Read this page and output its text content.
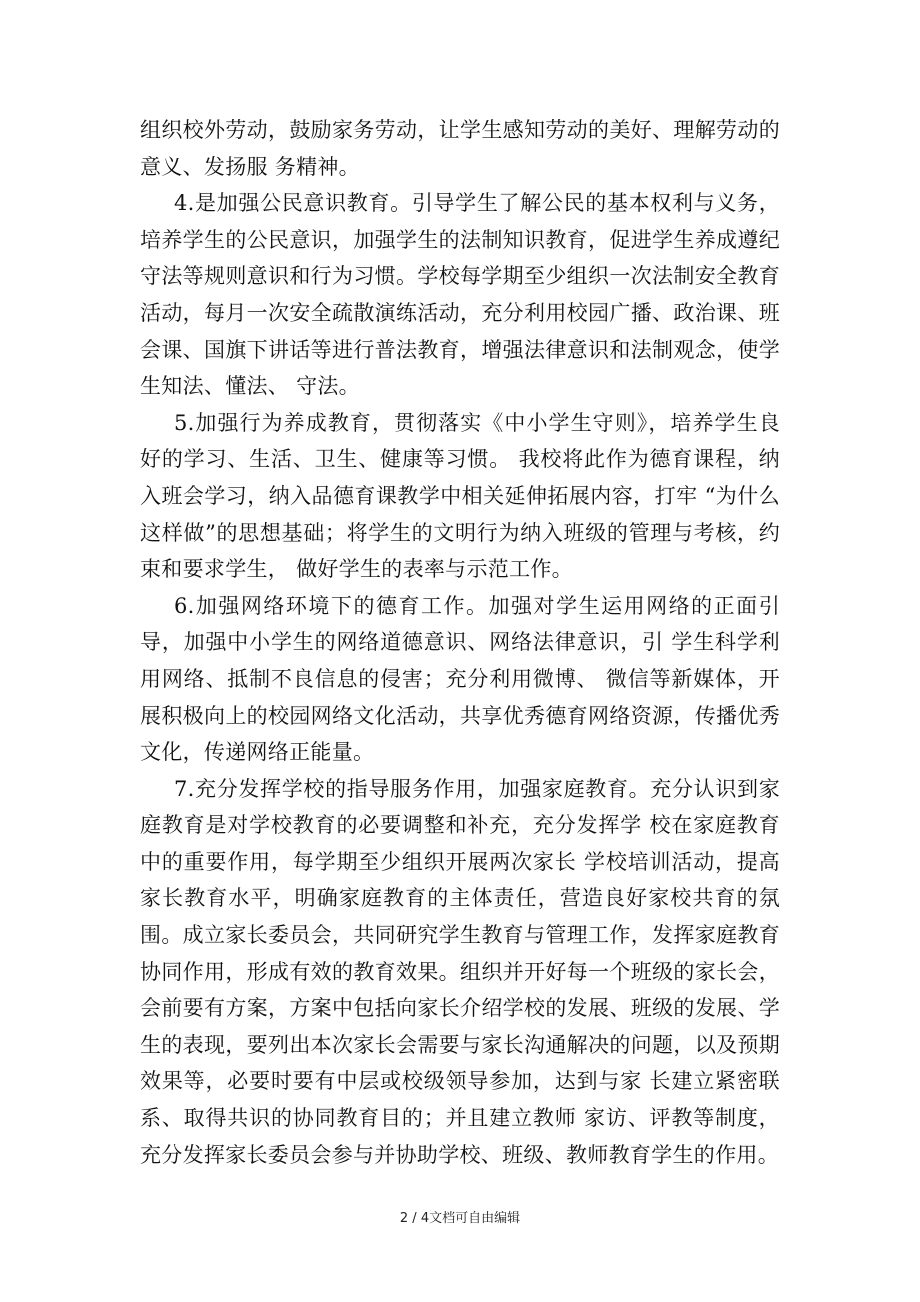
组织校外劳动，鼓励家务劳动，让学生感知劳动的美好、理解劳动的意义、发扬服 务精神。

4.是加强公民意识教育。引导学生了解公民的基本权利与义务，培养学生的公民意识，加强学生的法制知识教育，促进学生养成遵纪守法等规则意识和行为习惯。学校每学期至少组织一次法制安全教育活动，每月一次安全疏散演练活动，充分利用校园广播、政治课、班会课、国旗下讲话等进行普法教育，增强法律意识和法制观念，使学生知法、懂法、 守法。

5.加强行为养成教育，贯彻落实《中小学生守则》，培养学生良好的学习、生活、卫生、健康等习惯。 我校将此作为德育课程，纳入班会学习，纳入品德育课教学中相关延伸拓展内容，打牢 “为什么这样做”的思想基础；将学生的文明行为纳入班级的管理与考核，约束和要求学生， 做好学生的表率与示范工作。

6.加强网络环境下的德育工作。加强对学生运用网络的正面引导，加强中小学生的网络道德意识、网络法律意识，引 学生科学利用网络、抵制不良信息的侵害；充分利用微博、 微信等新媒体，开展积极向上的校园网络文化活动，共享优秀德育网络资源，传播优秀文化，传递网络正能量。

7.充分发挥学校的指导服务作用，加强家庭教育。充分认识到家庭教育是对学校教育的必要调整和补充，充分发挥学 校在家庭教育中的重要作用，每学期至少组织开展两次家长 学校培训活动，提高家长教育水平，明确家庭教育的主体责任，营造良好家校共育的氛围。成立家长委员会，共同研究学生教育与管理工作，发挥家庭教育协同作用，形成有效的教育效果。组织并开好每一个班级的家长会，会前要有方案，方案中包括向家长介绍学校的发展、班级的发展、学生的表现，要列出本次家长会需要与家长沟通解决的问题，以及预期效果等，必要时要有中层或校级领导参加，达到与家 长建立紧密联系、取得共识的协同教育目的；并且建立教师 家访、评教等制度，充分发挥家长委员会参与并协助学校、班级、教师教育学生的作用。

2 / 4文档可自由编辑
